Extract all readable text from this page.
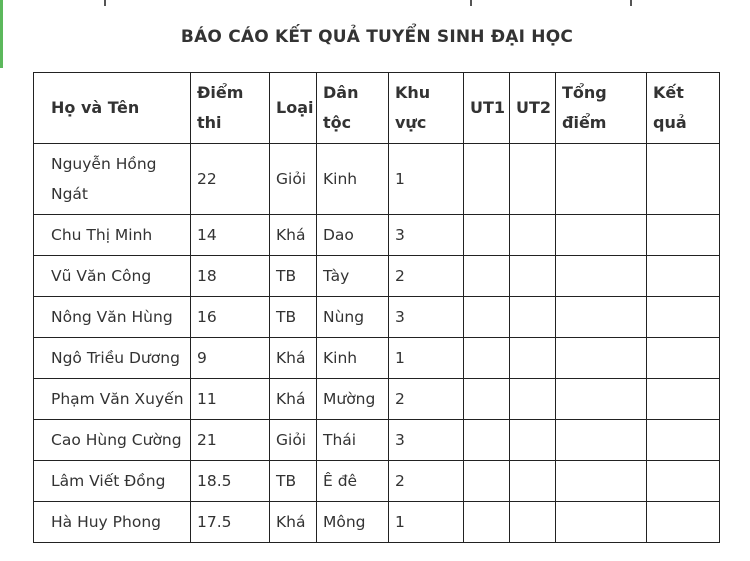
BÁO CÁO KẾT QUẢ TUYỂN SINH ĐẠI HỌC
Họ và Tên	Điểm thi	Loại	Dân tộc	Khu vực	UT1	UT2	Tổng điểm	Kết quả
Nguyễn Hồng Ngát	22	Giỏi	Kinh	1				
Chu Thị Minh	14	Khá	Dao	3				
Vũ Văn Công	18	TB	Tày	2				
Nông Văn Hùng	16	TB	Nùng	3				
Ngô Triều Dương	9	Khá	Kinh	1				
Phạm Văn Xuyến	11	Khá	Mường	2				
Cao Hùng Cường	21	Giỏi	Thái	3				
Lâm Viết Đồng	18.5	TB	Ê đê	2				
Hà Huy Phong	17.5	Khá	Mông	1				
